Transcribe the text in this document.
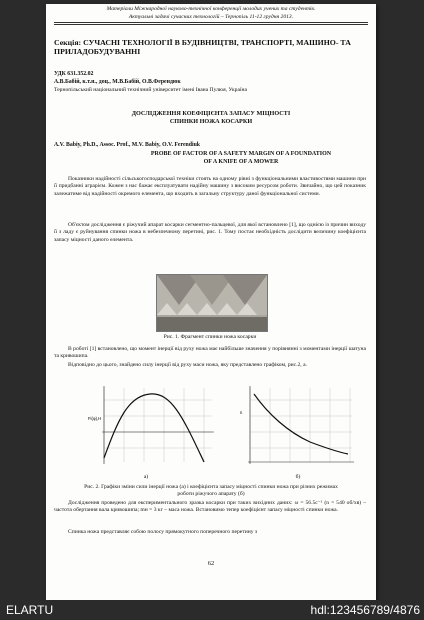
Матеріали Міжнародної науково-технічної конференції молодих учених та студентів.
Актуальні задачі сучасних технологій – Тернопіль 11-12 грудня 2013.
Секція: СУЧАСНІ ТЕХНОЛОГІЇ В БУДІВНИЦТВІ, ТРАНСПОРТІ, МАШИНО- ТА ПРИЛАДОБУДУВАННІ
УДК 631.352.02
А.В.Бабій, к.т.н., доц., М.В.Бабій, О.В.Ферендюк
Тернопільський національний технічний університет імені Івана Пулюя, Україна
ДОСЛІДЖЕННЯ КОЕФІЦІЄНТА ЗАПАСУ МІЦНОСТІ
СПИНКИ НОЖА КОСАРКИ
A.V. Babiy, Ph.D., Assoc. Prof., M.V. Babiy, O.V. Ferendiuk
PROBE OF FACTOR OF A SAFETY MARGIN OF A FOUNDATION
OF A KNIFE OF A MOWER
Показники надійності сільськогосподарської техніки стоять на одному рівні з функціональними властивостями машини при її придбанні аграрієм. Кожен з нас бажає експлуатувати надійну машину з високим ресурсом роботи. Звичайно, що цей показник залежатиме від надійності окремого елемента, що входить в загальну структуру даної функціональної системи.
Об'єктом дослідження є ріжучий апарат косарки сегментно-пальцевої, для якої встановлено [1], що однією із причин виходу її з ладу є руйнування спинки ножа в небезпечному перетині, рис. 1. Тому постає необхідність дослідити величину коефіцієнта запасу міцності даного елемента.
Рис. 1. Фрагмент спинки ножа косарки
В роботі [1] встановлено, що момент інерції від руху ножа має найбільше значення у порівнянні з моментами інерції шатуна та кривошипа.
Відповідно до цього, знайдено силу інерції від руху маси ножа, яку представлено графіком, рис.2, а.
Fi(φ),Н
а)
n
б)
Рис. 2. Графіки зміни сили інерції ножа (а) і коефіцієнта запасу міцності спинки ножа при різних режимах роботи ріжучого апарату (б)
Дослідження проведено для експериментального зразка косарки при таких вихідних даних: ω = 56.5c⁻¹ (n = 540 об/хв) – частота обертання вала кривошипа; mн = 3 кг – маса ножа. Встановимо тепер коефіцієнт запасу міцності спинки ножа.
Спинка ножа представляє собою полосу прямокутного поперечного перетину з
62
ELARTU	hdl:123456789/4876
